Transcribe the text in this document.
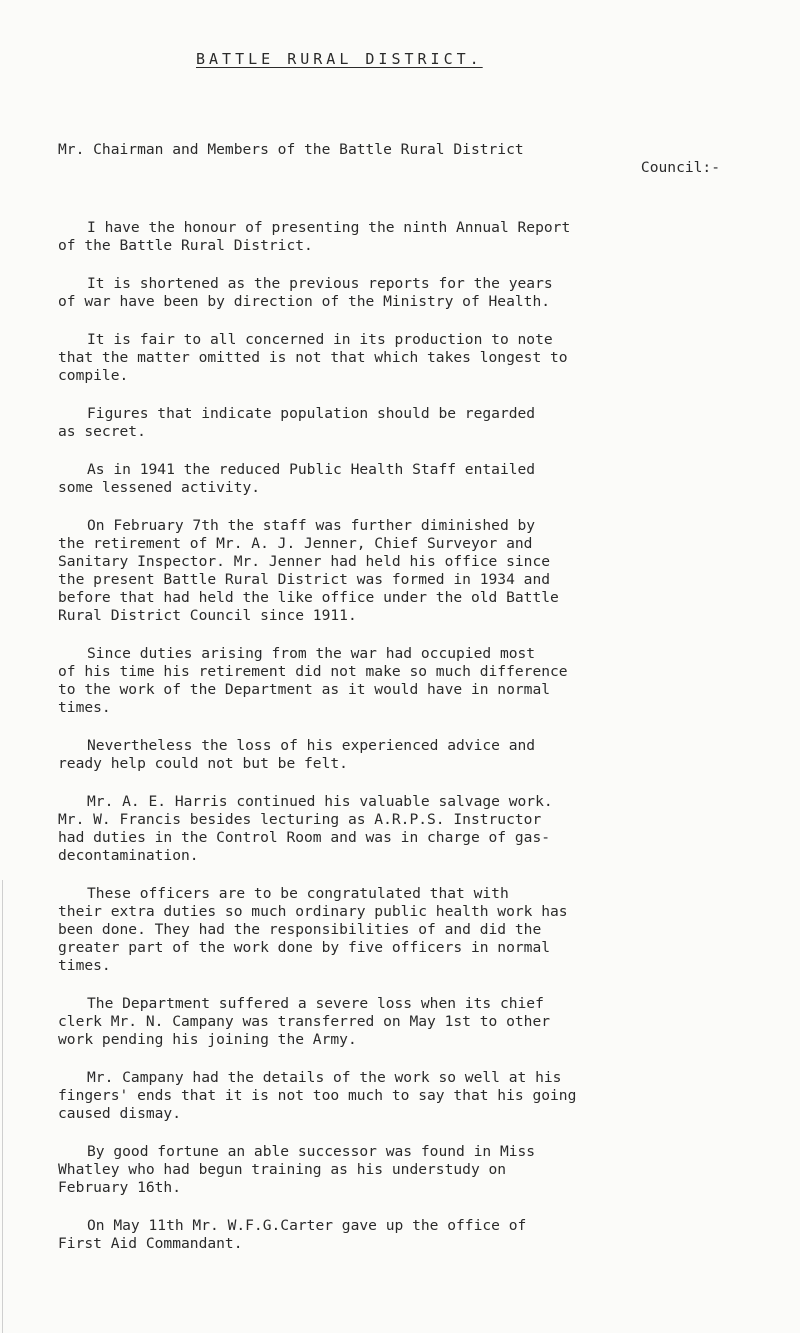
BATTLE RURAL DISTRICT.

Mr. Chairman and Members of the Battle Rural District

Council:-

I have the honour of presenting the ninth Annual Report
of the Battle Rural District.
It is shortened as the previous reports for the years
of war have been by direction of the Ministry of Health.
It is fair to all concerned in its production to note
that the matter omitted is not that which takes longest to
compile.
Figures that indicate population should be regarded
as secret.
As in 1941 the reduced Public Health Staff entailed
some lessened activity.
On February 7th the staff was further diminished by
the retirement of Mr. A. J. Jenner, Chief Surveyor and
Sanitary Inspector. Mr. Jenner had held his office since
the present Battle Rural District was formed in 1934 and
before that had held the like office under the old Battle
Rural District Council since 1911.
Since duties arising from the war had occupied most
of his time his retirement did not make so much difference
to the work of the Department as it would have in normal
times.
Nevertheless the loss of his experienced advice and
ready help could not but be felt.
Mr. A. E. Harris continued his valuable salvage work.
Mr. W. Francis besides lecturing as A.R.P.S. Instructor
had duties in the Control Room and was in charge of gas-
decontamination.
These officers are to be congratulated that with
their extra duties so much ordinary public health work has
been done. They had the responsibilities of and did the
greater part of the work done by five officers in normal
times.
The Department suffered a severe loss when its chief
clerk Mr. N. Campany was transferred on May 1st to other
work pending his joining the Army.
Mr. Campany had the details of the work so well at his
fingers' ends that it is not too much to say that his going
caused dismay.
By good fortune an able successor was found in Miss
Whatley who had begun training as his understudy on
February 16th.
On May 11th Mr. W.F.G.Carter gave up the office of
First Aid Commandant.
